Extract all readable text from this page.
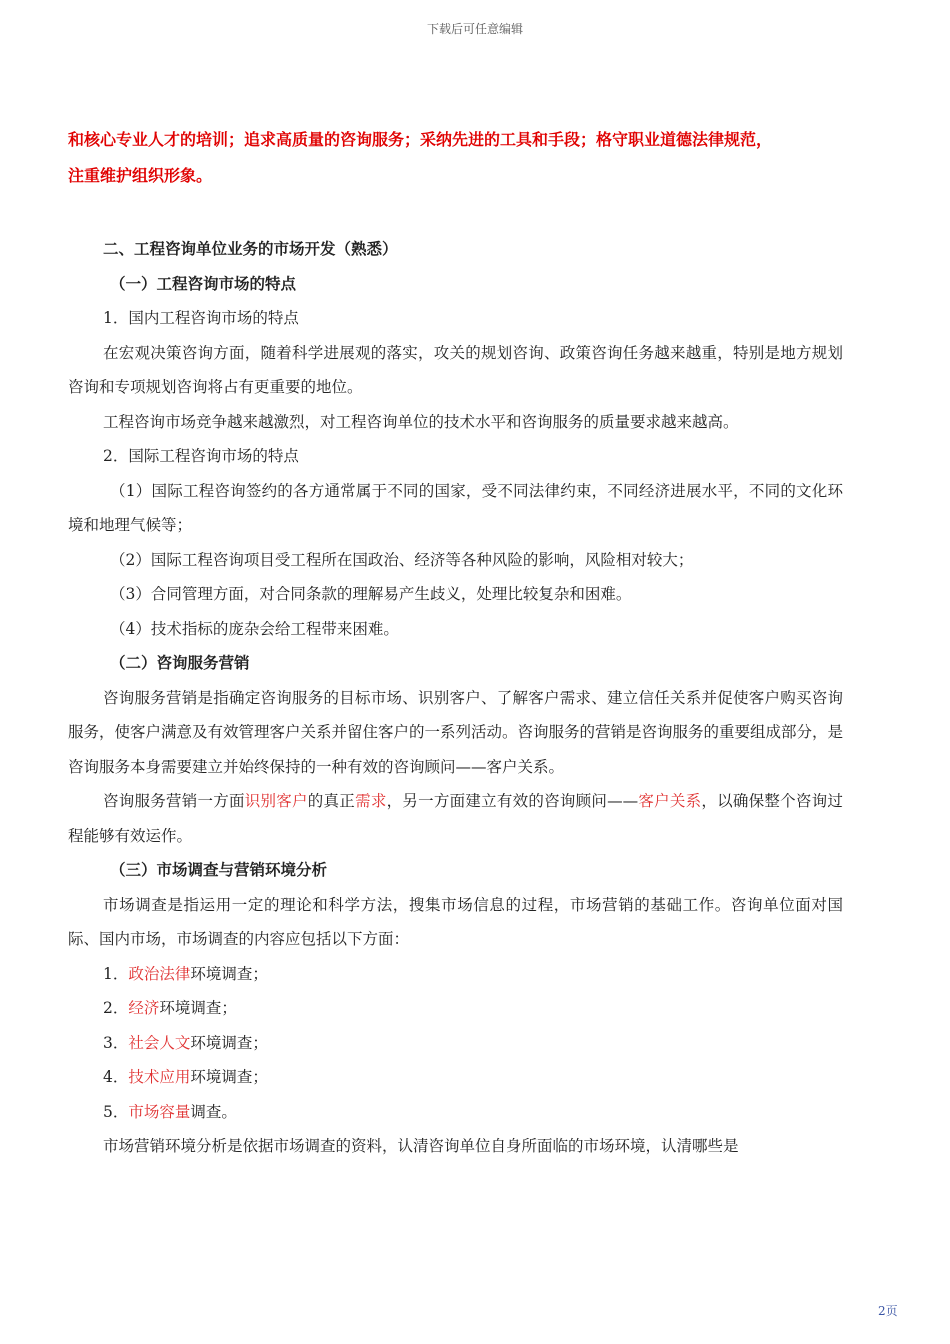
下载后可任意编辑

和核心专业人才的培训；追求高质量的咨询服务；采纳先进的工具和手段；格守职业道德法律规范，

注重维护组织形象。

二、工程咨询单位业务的市场开发（熟悉）

（一）工程咨询市场的特点

1．国内工程咨询市场的特点

在宏观决策咨询方面，随着科学进展观的落实，攻关的规划咨询、政策咨询任务越来越重，特别是地方规划咨询和专项规划咨询将占有更重要的地位。

工程咨询市场竞争越来越激烈，对工程咨询单位的技术水平和咨询服务的质量要求越来越高。

2．国际工程咨询市场的特点

（1）国际工程咨询签约的各方通常属于不同的国家，受不同法律约束，不同经济进展水平，不同的文化环境和地理气候等；

（2）国际工程咨询项目受工程所在国政治、经济等各种风险的影响，风险相对较大；

（3）合同管理方面，对合同条款的理解易产生歧义，处理比较复杂和困难。

（4）技术指标的庞杂会给工程带来困难。

（二）咨询服务营销

咨询服务营销是指确定咨询服务的目标市场、识别客户、了解客户需求、建立信任关系并促使客户购买咨询服务，使客户满意及有效管理客户关系并留住客户的一系列活动。咨询服务的营销是咨询服务的重要组成部分，是咨询服务本身需要建立并始终保持的一种有效的咨询顾问——客户关系。

咨询服务营销一方面识别客户的真正需求，另一方面建立有效的咨询顾问——客户关系，以确保整个咨询过程能够有效运作。

（三）市场调查与营销环境分析

市场调查是指运用一定的理论和科学方法，搜集市场信息的过程，市场营销的基础工作。咨询单位面对国际、国内市场，市场调查的内容应包括以下方面：

1．政治法律环境调查；

2．经济环境调查；

3．社会人文环境调查；

4．技术应用环境调查；

5．市场容量调查。

市场营销环境分析是依据市场调查的资料，认清咨询单位自身所面临的市场环境，认清哪些是

2页
